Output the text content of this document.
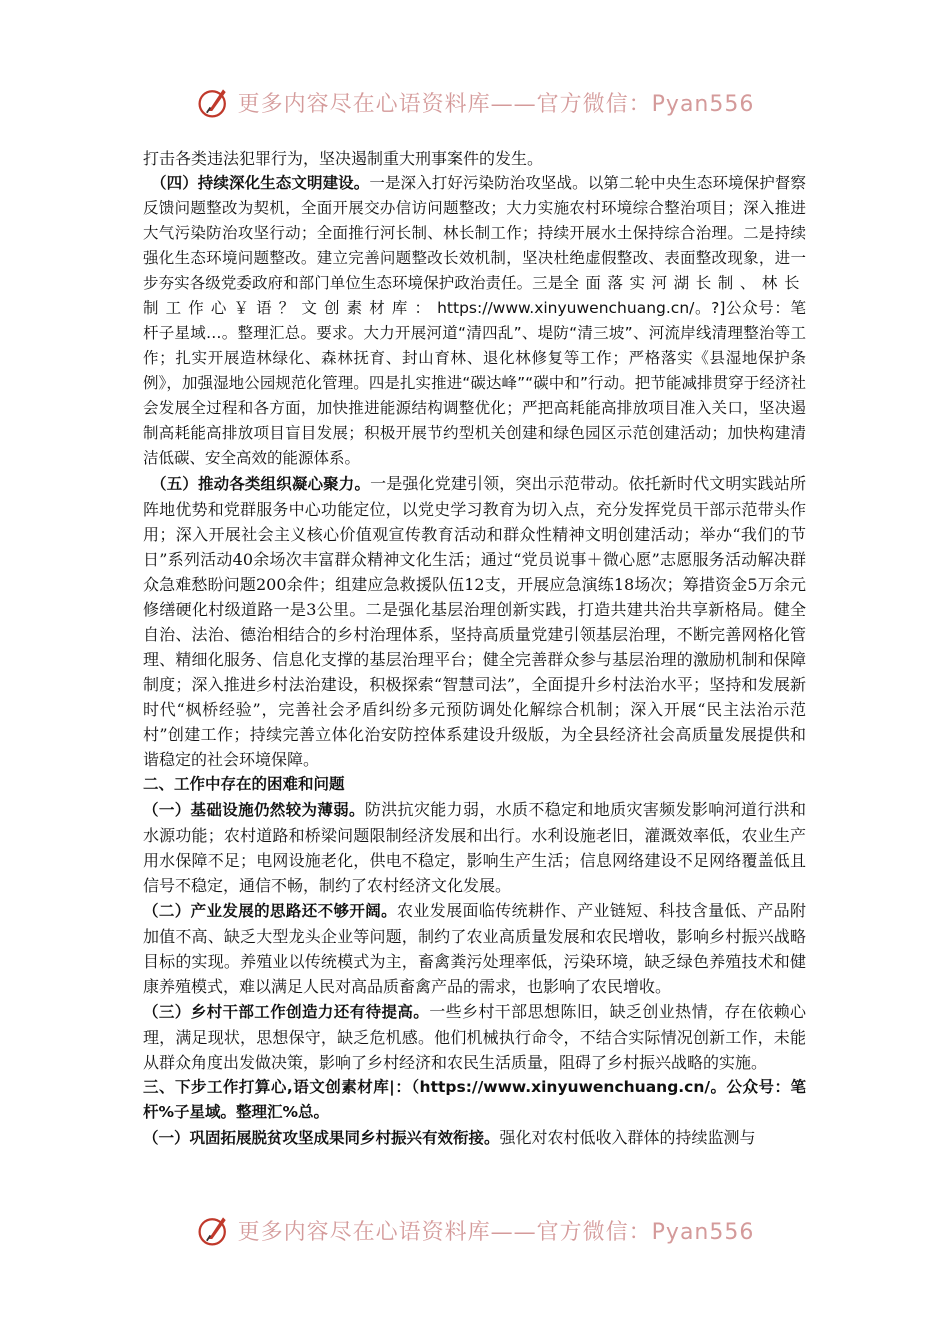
更多内容尽在心语资料库——官方微信：Pyan556

打击各类违法犯罪行为，坚决遏制重大刑事案件的发生。

（四）持续深化生态文明建设。一是深入打好污染防治攻坚战。以第二轮中央生态环境保护督察反馈问题整改为契机，全面开展交办信访问题整改；大力实施农村环境综合整治项目；深入推进大气污染防治攻坚行动；全面推行河长制、林长制工作；持续开展水土保持综合治理。二是持续强化生态环境问题整改。建立完善问题整改长效机制，坚决杜绝虚假整改、表面整改现象，进一步夯实各级党委政府和部门单位生态环境保护政治责任。三是全面落实河湖长制、林长制工作心￥语？文创素材库：https://www.xinyuwenchuang.cn/。?]公众号：笔杆子星域…。整理汇总。要求。大力开展河道“清四乱”、堤防“清三坡”、河流岸线清理整治等工作；扎实开展造林绿化、森林抚育、封山育林、退化林修复等工作；严格落实《县湿地保护条例》，加强湿地公园规范化管理。四是扎实推进“碳达峰”“碳中和”行动。把节能减排贯穿于经济社会发展全过程和各方面，加快推进能源结构调整优化；严把高耗能高排放项目准入关口，坚决遏制高耗能高排放项目盲目发展；积极开展节约型机关创建和绿色园区示范创建活动；加快构建清洁低碳、安全高效的能源体系。

（五）推动各类组织凝心聚力。一是强化党建引领，突出示范带动。依托新时代文明实践站所阵地优势和党群服务中心功能定位，以党史学习教育为切入点，充分发挥党员干部示范带头作用；深入开展社会主义核心价值观宣传教育活动和群众性精神文明创建活动；举办“我们的节日”系列活动40余场次丰富群众精神文化生活；通过“党员说事＋微心愿”志愿服务活动解决群众急难愁盼问题200余件；组建应急救援队伍12支，开展应急演练18场次；筹措资金5万余元修缮硬化村级道路一是3公里。二是强化基层治理创新实践，打造共建共治共享新格局。健全自治、法治、德治相结合的乡村治理体系，坚持高质量党建引领基层治理，不断完善网格化管理、精细化服务、信息化支撑的基层治理平台；健全完善群众参与基层治理的激励机制和保障制度；深入推进乡村法治建设，积极探索“智慧司法”，全面提升乡村法治水平；坚持和发展新时代“枫桥经验”，完善社会矛盾纠纷多元预防调处化解综合机制；深入开展“民主法治示范村”创建工作；持续完善立体化治安防控体系建设升级版，为全县经济社会高质量发展提供和谐稳定的社会环境保障。

二、工作中存在的困难和问题

（一）基础设施仍然较为薄弱。防洪抗灾能力弱，水质不稳定和地质灾害频发影响河道行洪和水源功能；农村道路和桥梁问题限制经济发展和出行。水利设施老旧，灌溉效率低，农业生产用水保障不足；电网设施老化，供电不稳定，影响生产生活；信息网络建设不足网络覆盖低且信号不稳定，通信不畅，制约了农村经济文化发展。

（二）产业发展的思路还不够开阔。农业发展面临传统耕作、产业链短、科技含量低、产品附加值不高、缺乏大型龙头企业等问题，制约了农业高质量发展和农民增收，影响乡村振兴战略目标的实现。养殖业以传统模式为主，畜禽粪污处理率低，污染环境，缺乏绿色养殖技术和健康养殖模式，难以满足人民对高品质畜禽产品的需求，也影响了农民增收。

（三）乡村干部工作创造力还有待提高。一些乡村干部思想陈旧，缺乏创业热情，存在依赖心理，满足现状，思想保守，缺乏危机感。他们机械执行命令，不结合实际情况创新工作，未能从群众角度出发做决策，影响了乡村经济和农民生活质量，阻碍了乡村振兴战略的实施。

三、下步工作打算心,语文创素材库|：（https://www.xinyuwenchuang.cn/。公众号：笔杆%子星域。整理汇%总。

（一）巩固拓展脱贫攻坚成果同乡村振兴有效衔接。强化对农村低收入群体的持续监测与

更多内容尽在心语资料库——官方微信：Pyan556
